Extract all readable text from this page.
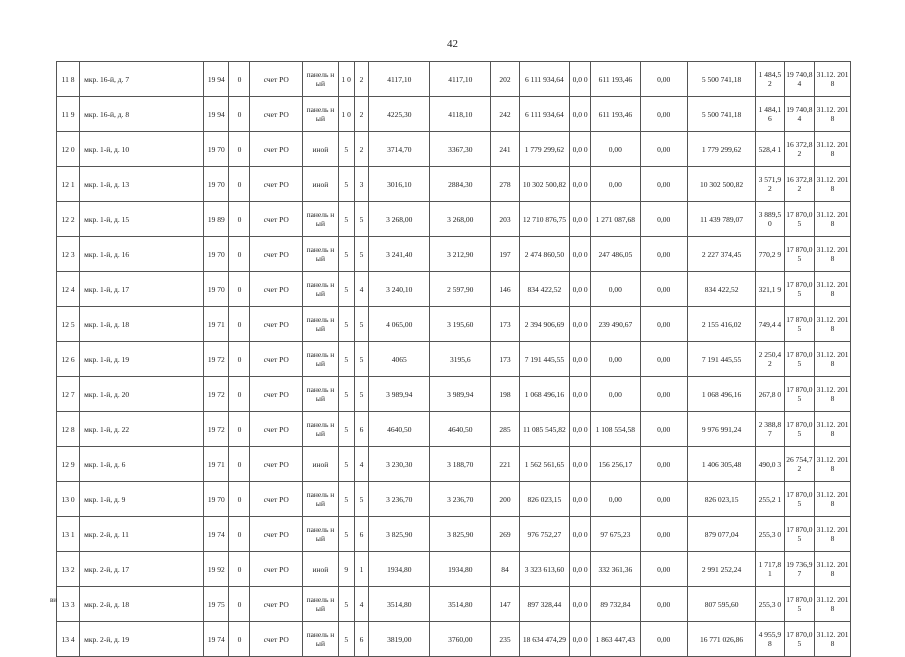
42
11 8	мкр. 16-й, д. 7	19 94	0	счет РО	панель ный	1 0	2	4117,10	4117,10	202	6 111 934,64	0,0 0	611 193,46	0,00	5 500 741,18	1 484,5 2	19 740,8 4	31.12. 2018
11 9	мкр. 16-й, д. 8	19 94	0	счет РО	панель ный	1 0	2	4225,30	4118,10	242	6 111 934,64	0,0 0	611 193,46	0,00	5 500 741,18	1 484,1 6	19 740,8 4	31.12. 2018
12 0	мкр. 1-й, д. 10	19 70	0	счет РО	иной	5	2	3714,70	3367,30	241	1 779 299,62	0,0 0	0,00	0,00	1 779 299,62	528,4 1	16 372,8 2	31.12. 2018
12 1	мкр. 1-й, д. 13	19 70	0	счет РО	иной	5	3	3016,10	2884,30	278	10 302 500,82	0,0 0	0,00	0,00	10 302 500,82	3 571,9 2	16 372,8 2	31.12. 2018
12 2	мкр. 1-й, д. 15	19 89	0	счет РО	панель ный	5	5	3 268,00	3 268,00	203	12 710 876,75	0,0 0	1 271 087,68	0,00	11 439 789,07	3 889,5 0	17 870,0 5	31.12. 2018
12 3	мкр. 1-й, д. 16	19 70	0	счет РО	панель ный	5	5	3 241,40	3 212,90	197	2 474 860,50	0,0 0	247 486,05	0,00	2 227 374,45	770,2 9	17 870,0 5	31.12. 2018
12 4	мкр. 1-й, д. 17	19 70	0	счет РО	панель ный	5	4	3 240,10	2 597,90	146	834 422,52	0,0 0	0,00	0,00	834 422,52	321,1 9	17 870,0 5	31.12. 2018
12 5	мкр. 1-й, д. 18	19 71	0	счет РО	панель ный	5	5	4 065,00	3 195,60	173	2 394 906,69	0,0 0	239 490,67	0,00	2 155 416,02	749,4 4	17 870,0 5	31.12. 2018
12 6	мкр. 1-й, д. 19	19 72	0	счет РО	панель ный	5	5	4065	3195,6	173	7 191 445,55	0,0 0	0,00	0,00	7 191 445,55	2 250,4 2	17 870,0 5	31.12. 2018
12 7	мкр. 1-й, д. 20	19 72	0	счет РО	панель ный	5	5	3 989,94	3 989,94	198	1 068 496,16	0,0 0	0,00	0,00	1 068 496,16	267,8 0	17 870,0 5	31.12. 2018
12 8	мкр. 1-й, д. 22	19 72	0	счет РО	панель ный	5	6	4640,50	4640,50	285	11 085 545,82	0,0 0	1 108 554,58	0,00	9 976 991,24	2 388,8 7	17 870,0 5	31.12. 2018
12 9	мкр. 1-й, д. 6	19 71	0	счет РО	иной	5	4	3 230,30	3 188,70	221	1 562 561,65	0,0 0	156 256,17	0,00	1 406 305,48	490,0 3	26 754,7 2	31.12. 2018
13 0	мкр. 1-й, д. 9	19 70	0	счет РО	панель ный	5	5	3 236,70	3 236,70	200	826 023,15	0,0 0	0,00	0,00	826 023,15	255,2 1	17 870,0 5	31.12. 2018
13 1	мкр. 2-й, д. 11	19 74	0	счет РО	панель ный	5	6	3 825,90	3 825,90	269	976 752,27	0,0 0	97 675,23	0,00	879 077,04	255,3 0	17 870,0 5	31.12. 2018
13 2	мкр. 2-й, д. 17	19 92	0	счет РО	иной	9	1	1934,80	1934,80	84	3 323 613,60	0,0 0	332 361,36	0,00	2 991 252,24	1 717,8 1	19 736,9 7	31.12. 2018
13 3	мкр. 2-й, д. 18	19 75	0	счет РО	панель ный	5	4	3514,80	3514,80	147	897 328,44	0,0 0	89 732,84	0,00	807 595,60	255,3 0	17 870,0 5	31.12. 2018
13 4	мкр. 2-й, д. 19	19 74	0	счет РО	панель ный	5	6	3819,00	3760,00	235	18 634 474,29	0,0 0	1 863 447,43	0,00	16 771 026,86	4 955,9 8	17 870,0 5	31.12. 2018
ви
